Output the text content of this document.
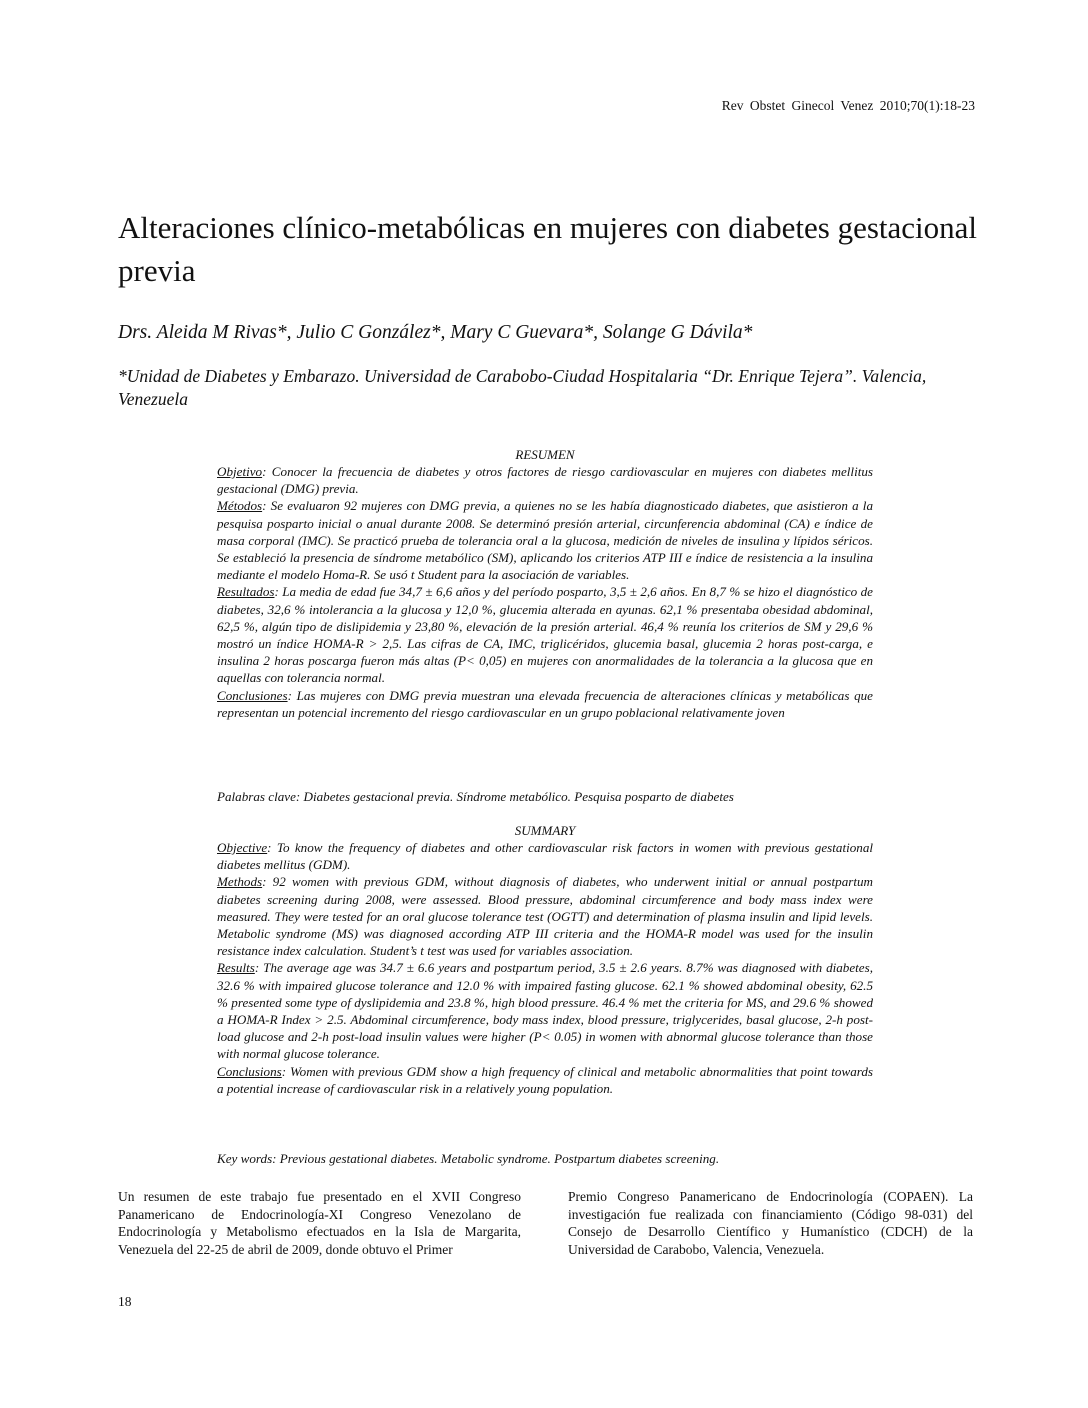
Rev Obstet Ginecol Venez 2010;70(1):18-23
Alteraciones clínico-metabólicas en mujeres con diabetes gestacional previa
Drs. Aleida M Rivas*, Julio C González*, Mary C Guevara*, Solange G Dávila*
*Unidad de Diabetes y Embarazo. Universidad de Carabobo-Ciudad Hospitalaria “Dr. Enrique Tejera”. Valencia, Venezuela
RESUMEN

Objetivo: Conocer la frecuencia de diabetes y otros factores de riesgo cardiovascular en mujeres con diabetes mellitus gestacional (DMG) previa.

Métodos: Se evaluaron 92 mujeres con DMG previa, a quienes no se les había diagnosticado diabetes, que asistieron a la pesquisa posparto inicial o anual durante 2008. Se determinó presión arterial, circunferencia abdominal (CA) e índice de masa corporal (IMC). Se practicó prueba de tolerancia oral a la glucosa, medición de niveles de insulina y lípidos séricos. Se estableció la presencia de síndrome metabólico (SM), aplicando los criterios ATP III e índice de resistencia a la insulina mediante el modelo Homa-R. Se usó t Student para la asociación de variables.

Resultados: La media de edad fue 34,7 ± 6,6 años y del período posparto, 3,5 ± 2,6 años. En 8,7 % se hizo el diagnóstico de diabetes, 32,6 % intolerancia a la glucosa y 12,0 %, glucemia alterada en ayunas. 62,1 % presentaba obesidad abdominal, 62,5 %, algún tipo de dislipidemia y 23,80 %, elevación de la presión arterial. 46,4 % reunía los criterios de SM y 29,6 % mostró un índice HOMA-R > 2,5. Las cifras de CA, IMC, triglicéridos, glucemia basal, glucemia 2 horas post-carga, e insulina 2 horas poscarga fueron más altas (P< 0,05) en mujeres con anormalidades de la tolerancia a la glucosa que en aquellas con tolerancia normal.

Conclusiones: Las mujeres con DMG previa muestran una elevada frecuencia de alteraciones clínicas y metabólicas que representan un potencial incremento del riesgo cardiovascular en un grupo poblacional relativamente joven

Palabras clave: Diabetes gestacional previa. Síndrome metabólico. Pesquisa posparto de diabetes
SUMMARY

Objective: To know the frequency of diabetes and other cardiovascular risk factors in women with previous gestational diabetes mellitus (GDM).

Methods: 92 women with previous GDM, without diagnosis of diabetes, who underwent initial or annual postpartum diabetes screening during 2008, were assessed. Blood pressure, abdominal circumference and body mass index were measured. They were tested for an oral glucose tolerance test (OGTT) and determination of plasma insulin and lipid levels. Metabolic syndrome (MS) was diagnosed according ATP III criteria and the HOMA-R model was used for the insulin resistance index calculation. Student’s t test was used for variables association.

Results: The average age was 34.7 ± 6.6 years and postpartum period, 3.5 ± 2.6 years. 8.7% was diagnosed with diabetes, 32.6 % with impaired glucose tolerance and 12.0 % with impaired fasting glucose. 62.1 % showed abdominal obesity, 62.5 % presented some type of dyslipidemia and 23.8 %, high blood pressure. 46.4 % met the criteria for MS, and 29.6 % showed a HOMA-R Index > 2.5. Abdominal circumference, body mass index, blood pressure, triglycerides, basal glucose, 2-h post-load glucose and 2-h post-load insulin values were higher (P< 0.05) in women with abnormal glucose tolerance than those with normal glucose tolerance.

Conclusions: Women with previous GDM show a high frequency of clinical and metabolic abnormalities that point towards a potential increase of cardiovascular risk in a relatively young population.

Key words: Previous gestational diabetes. Metabolic syndrome. Postpartum diabetes screening.
Un resumen de este trabajo fue presentado en el XVII Congreso Panamericano de Endocrinología-XI Congreso Venezolano de Endocrinología y Metabolismo efectuados en la Isla de Margarita, Venezuela del 22-25 de abril de 2009, donde obtuvo el Primer
Premio Congreso Panamericano de Endocrinología (COPAEN). La investigación fue realizada con financiamiento (Código 98-031) del Consejo de Desarrollo Científico y Humanístico (CDCH) de la Universidad de Carabobo, Valencia, Venezuela.
18
